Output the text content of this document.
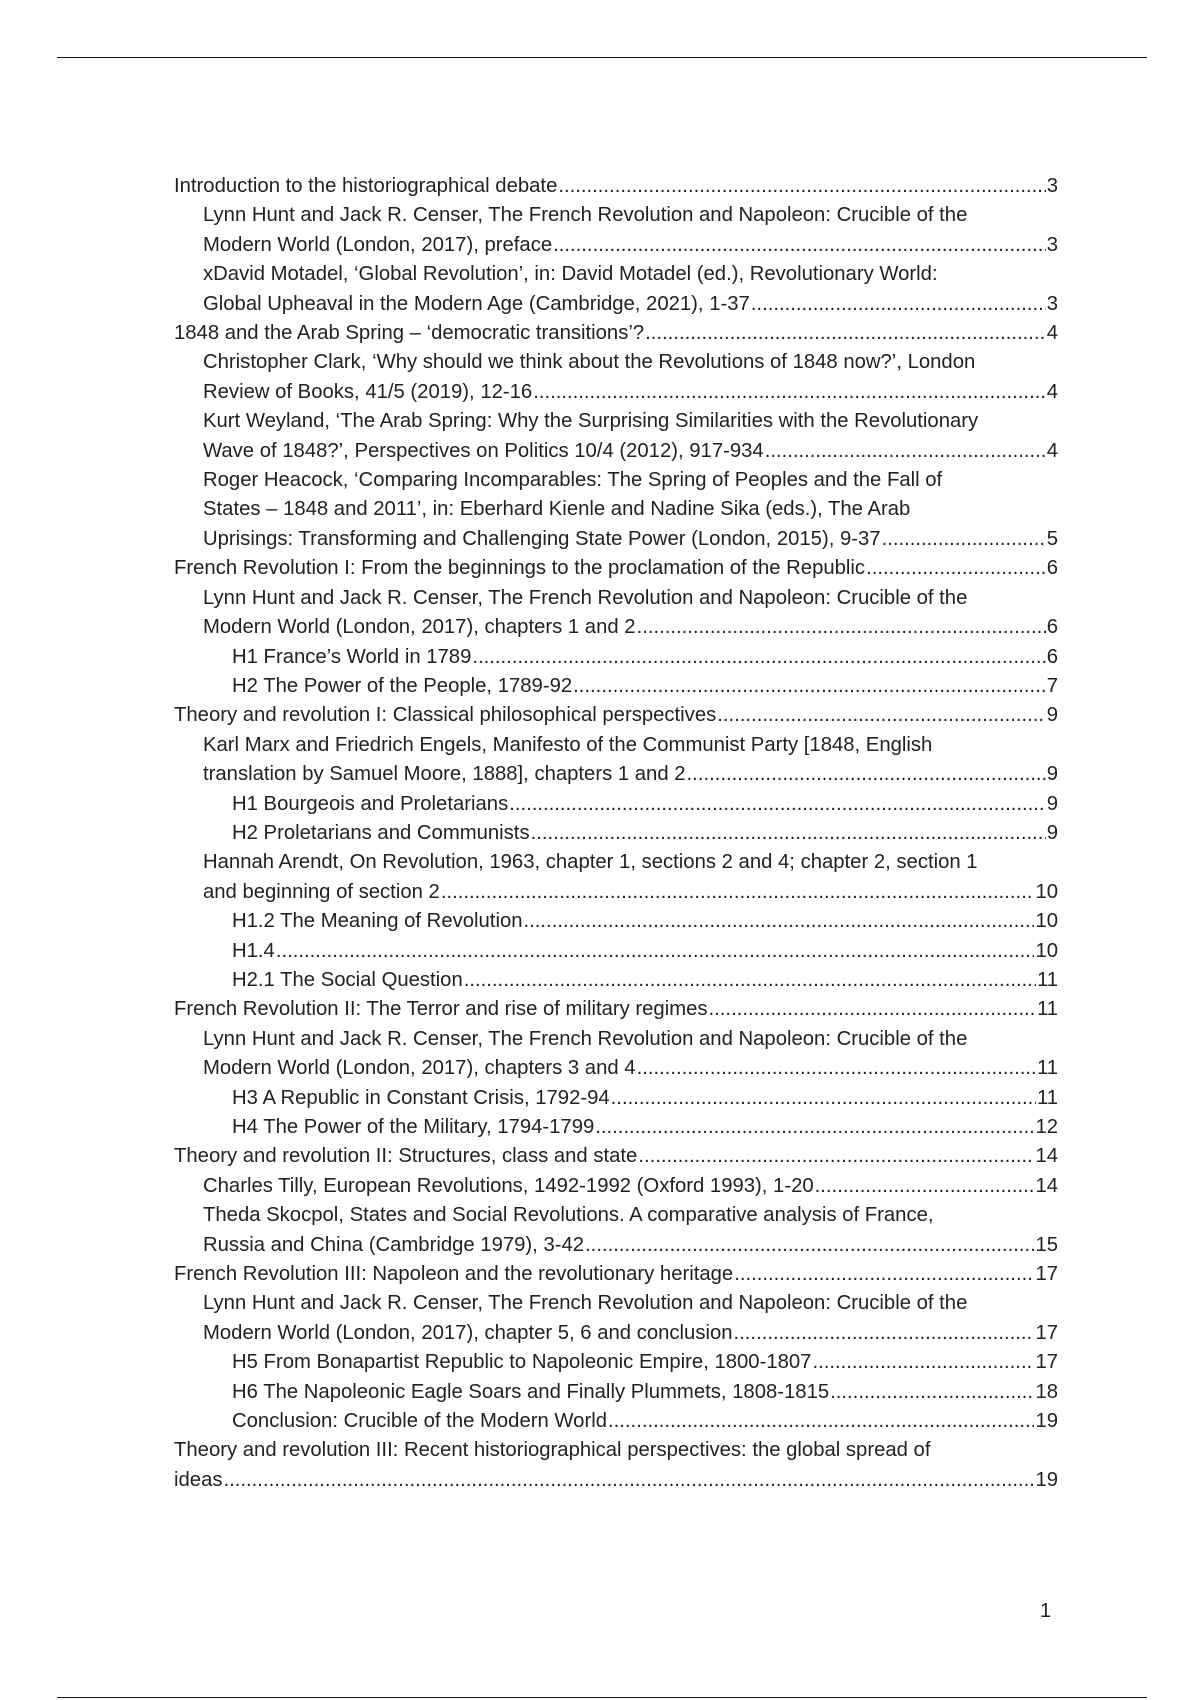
Introduction to the historiographical debate .....	3
Lynn Hunt and Jack R. Censer, The French Revolution and Napoleon: Crucible of the
Modern World (London, 2017), preface .....	3
xDavid Motadel, ‘Global Revolution’, in: David Motadel (ed.), Revolutionary World:
Global Upheaval in the Modern Age (Cambridge, 2021), 1-37 .....	3
1848 and the Arab Spring – ‘democratic transitions’? .....	4
Christopher Clark, ‘Why should we think about the Revolutions of 1848 now?’, London
Review of Books, 41/5 (2019), 12-16 .....	4
Kurt Weyland, ‘The Arab Spring: Why the Surprising Similarities with the Revolutionary
Wave of 1848?’, Perspectives on Politics 10/4 (2012), 917-934 .....	4
Roger Heacock, ‘Comparing Incomparables: The Spring of Peoples and the Fall of
States – 1848 and 2011’, in: Eberhard Kienle and Nadine Sika (eds.), The Arab
Uprisings: Transforming and Challenging State Power (London, 2015), 9-37 .....	5
French Revolution I: From the beginnings to the proclamation of the Republic .....	6
Lynn Hunt and Jack R. Censer, The French Revolution and Napoleon: Crucible of the
Modern World (London, 2017), chapters 1 and 2 .....	6
H1 France’s World in 1789 .....	6
H2 The Power of the People, 1789-92 .....	7
Theory and revolution I: Classical philosophical perspectives .....	9
Karl Marx and Friedrich Engels, Manifesto of the Communist Party [1848, English
translation by Samuel Moore, 1888], chapters 1 and 2 .....	9
H1 Bourgeois and Proletarians .....	9
H2 Proletarians and Communists .....	9
Hannah Arendt, On Revolution, 1963, chapter 1, sections 2 and 4; chapter 2, section 1
and beginning of section 2 .....	10
H1.2 The Meaning of Revolution .....	10
H1.4 .....	10
H2.1 The Social Question .....	11
French Revolution II: The Terror and rise of military regimes .....	11
Lynn Hunt and Jack R. Censer, The French Revolution and Napoleon: Crucible of the
Modern World (London, 2017), chapters 3 and 4 .....	11
H3 A Republic in Constant Crisis, 1792-94 .....	11
H4 The Power of the Military, 1794-1799 .....	12
Theory and revolution II: Structures, class and state .....	14
Charles Tilly, European Revolutions, 1492-1992 (Oxford 1993), 1-20 .....	14
Theda Skocpol, States and Social Revolutions. A comparative analysis of France,
Russia and China (Cambridge 1979), 3-42 .....	15
French Revolution III: Napoleon and the revolutionary heritage .....	17
Lynn Hunt and Jack R. Censer, The French Revolution and Napoleon: Crucible of the
Modern World (London, 2017), chapter 5, 6 and conclusion .....	17
H5 From Bonapartist Republic to Napoleonic Empire, 1800-1807 .....	17
H6 The Napoleonic Eagle Soars and Finally Plummets, 1808-1815 .....	18
Conclusion: Crucible of the Modern World .....	19
Theory and revolution III: Recent historiographical perspectives: the global spread of
ideas .....	19
1
